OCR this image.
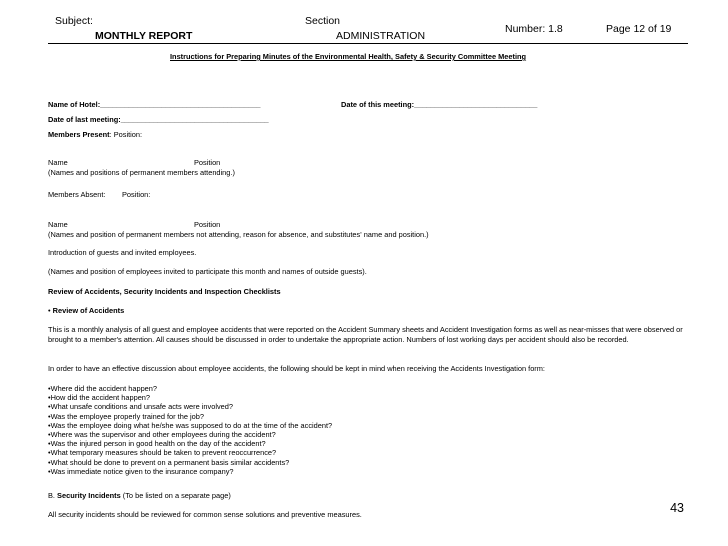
Subject:
MONTHLY REPORT
Section
ADMINISTRATION
Number: 1.8	Page 12 of 19
Instructions for Preparing Minutes of the Environmental Health, Safety & Security Committee Meeting
Name of Hotel:_______________________________________	Date of this meeting:______________________________
Date of last meeting:____________________________________
Members Present: Position:
Name	Position
(Names and positions of permanent members attending.)
Members Absent: Position:
Name	Position
(Names and position of permanent members not attending, reason for absence, and substitutes' name and position.)
Introduction of guests and invited employees.
(Names and position of employees invited to participate this month and names of outside guests).
Review of Accidents, Security Incidents and Inspection Checklists
• Review of Accidents
This is a monthly analysis of all guest and employee accidents that were reported on the Accident Summary sheets and Accident Investigation forms as well as near-misses that were observed or brought to a member's attention. All causes should be discussed in order to undertake the appropriate action. Numbers of lost working days per accident should also be recorded.
In order to have an effective discussion about employee accidents, the following should be kept in mind when receiving the Accidents Investigation form:
•Where did the accident happen?
•How did the accident happen?
•What unsafe conditions and unsafe acts were involved?
•Was the employee properly trained for the job?
•Was the employee doing what he/she was supposed to do at the time of the accident?
•Where was the supervisor and other employees during the accident?
•Was the injured person in good health on the day of the accident?
•What temporary measures should be taken to prevent reoccurrence?
•What should be done to prevent on a permanent basis similar accidents?
•Was immediate notice given to the insurance company?
B. Security Incidents (To be listed on a separate page)
All security incidents should be reviewed for common sense solutions and preventive measures.	43
